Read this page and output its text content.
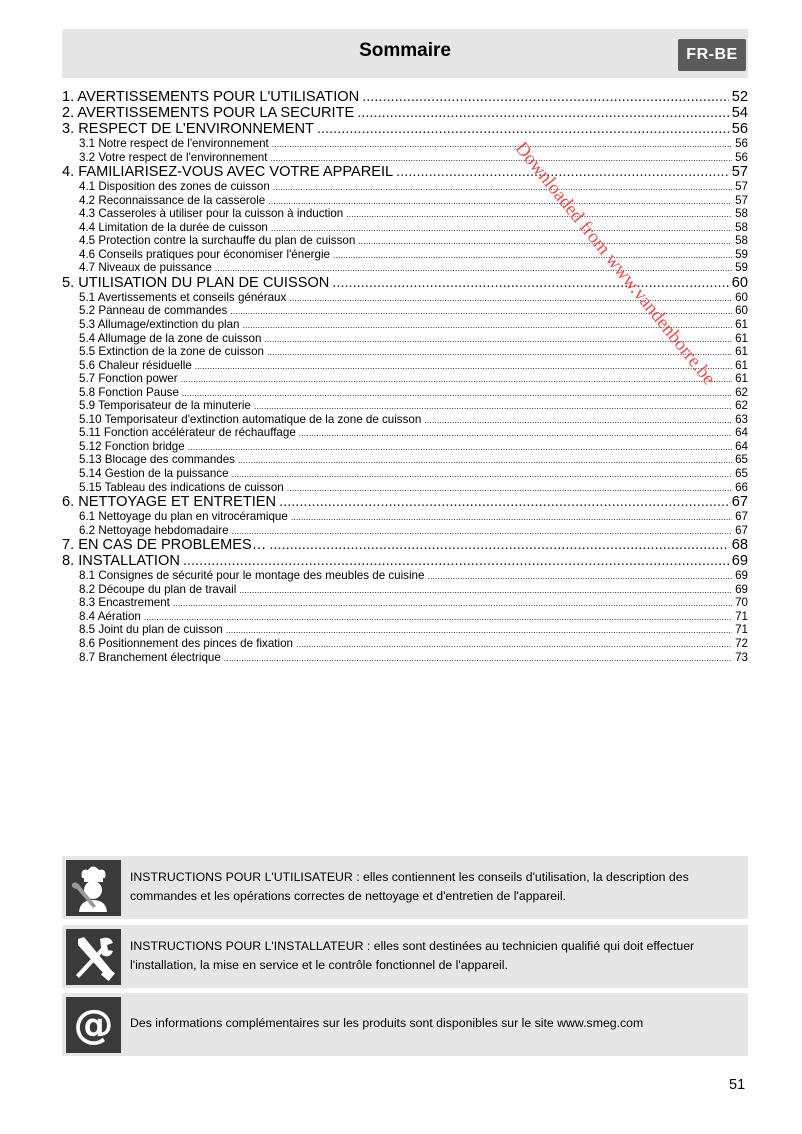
Sommaire	FR-BE
1. AVERTISSEMENTS POUR L'UTILISATION .....	52
2. AVERTISSEMENTS POUR LA SECURITE .....	54
3. RESPECT DE L’ENVIRONNEMENT .....	56
3.1 Notre respect de l'environnement .....	56
3.2 Votre respect de l'environnement .....	56
4. FAMILIARISEZ-VOUS AVEC VOTRE APPAREIL .....	57
4.1 Disposition des zones de cuisson .....	57
4.2 Reconnaissance de la casserole .....	57
4.3 Casseroles à utiliser pour la cuisson à induction .....	58
4.4 Limitation de la durée de cuisson .....	58
4.5 Protection contre la surchauffe du plan de cuisson .....	58
4.6 Conseils pratiques pour économiser l'énergie .....	59
4.7 Niveaux de puissance .....	59
5. UTILISATION DU PLAN DE CUISSON .....	60
5.1 Avertissements et conseils généraux .....	60
5.2 Panneau de commandes .....	60
5.3 Allumage/extinction du plan .....	61
5.4 Allumage de la zone de cuisson .....	61
5.5 Extinction de la zone de cuisson .....	61
5.6 Chaleur résiduelle .....	61
5.7 Fonction power .....	61
5.8 Fonction Pause .....	62
5.9 Temporisateur de la minuterie .....	62
5.10 Temporisateur d'extinction automatique de la zone de cuisson .....	63
5.11 Fonction accélérateur de réchauffage .....	64
5.12 Fonction bridge .....	64
5.13 Blocage des commandes .....	65
5.14 Gestion de la puissance .....	65
5.15 Tableau des indications de cuisson .....	66
6. NETTOYAGE ET ENTRETIEN .....	67
6.1 Nettoyage du plan en vitrocéramique .....	67
6.2 Nettoyage hebdomadaire .....	67
7. EN CAS DE PROBLEMES… .....	68
8. INSTALLATION .....	69
8.1 Consignes de sécurité pour le montage des meubles de cuisine .....	69
8.2 Découpe du plan de travail .....	69
8.3 Encastrement .....	70
8.4 Aération .....	71
8.5 Joint du plan de cuisson .....	71
8.6 Positionnement des pinces de fixation .....	72
8.7 Branchement électrique .....	73
INSTRUCTIONS POUR L'UTILISATEUR : elles contiennent les conseils d'utilisation, la description des commandes et les opérations correctes de nettoyage et d'entretien de l'appareil.
INSTRUCTIONS POUR L'INSTALLATEUR : elles sont destinées au technicien qualifié qui doit effectuer l'installation, la mise en service et le contrôle fonctionnel de l'appareil.
@ Des informations complémentaires sur les produits sont disponibles sur le site www.smeg.com
51
Downloaded from www.vandenborre.be
